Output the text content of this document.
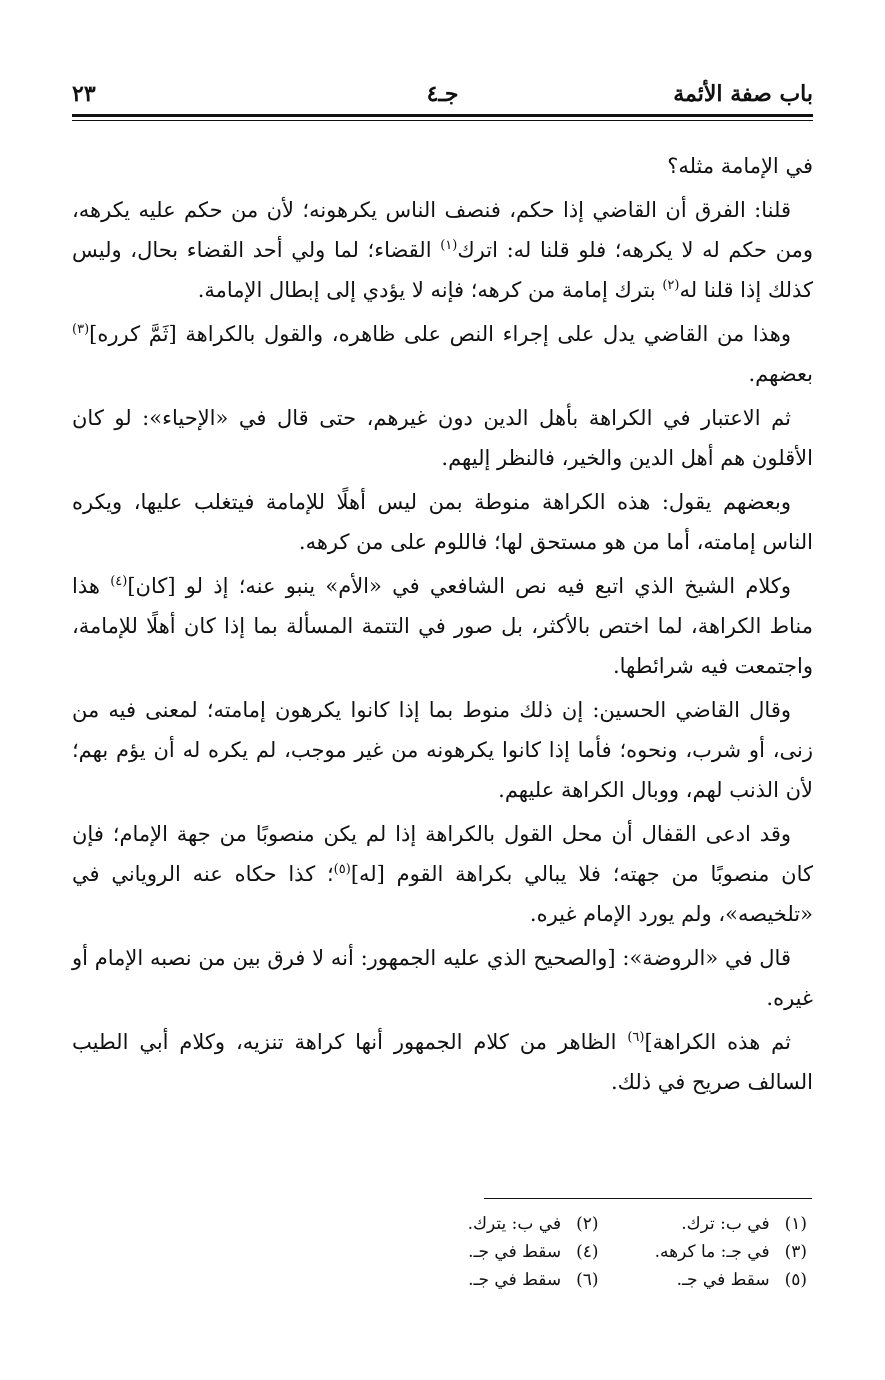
باب صفة الأئمة
جـ٤
٢٣

في الإمامة مثله؟

قلنا: الفرق أن القاضي إذا حكم، فنصف الناس يكرهونه؛ لأن من حكم عليه يكرهه، ومن حكم له لا يكرهه؛ فلو قلنا له: اترك$^{(١)}$ القضاء؛ لما ولي أحد القضاء بحال، وليس كذلك إذا قلنا له$^{(٢)}$ بترك إمامة من كرهه؛ فإنه لا يؤدي إلى إبطال الإمامة.

وهذا من القاضي يدل على إجراء النص على ظاهره، والقول بالكراهة [ثَمَّ كرره]$^{(٣)}$ بعضهم.

ثم الاعتبار في الكراهة بأهل الدين دون غيرهم، حتى قال في «الإحياء»: لو كان الأقلون هم أهل الدين والخير، فالنظر إليهم.

وبعضهم يقول: هذه الكراهة منوطة بمن ليس أهلًا للإمامة فيتغلب عليها، ويكره الناس إمامته، أما من هو مستحق لها؛ فاللوم على من كرهه.

وكلام الشيخ الذي اتبع فيه نص الشافعي في «الأم» ينبو عنه؛ إذ لو [كان]$^{(٤)}$ هذا مناط الكراهة، لما اختص بالأكثر، بل صور في التتمة المسألة بما إذا كان أهلًا للإمامة، واجتمعت فيه شرائطها.

وقال القاضي الحسين: إن ذلك منوط بما إذا كانوا يكرهون إمامته؛ لمعنى فيه من زنى، أو شرب، ونحوه؛ فأما إذا كانوا يكرهونه من غير موجب، لم يكره له أن يؤم بهم؛ لأن الذنب لهم، ووبال الكراهة عليهم.

وقد ادعى القفال أن محل القول بالكراهة إذا لم يكن منصوبًا من جهة الإمام؛ فإن كان منصوبًا من جهته؛ فلا يبالي بكراهة القوم [له]$^{(٥)}$؛ كذا حكاه عنه الروياني في «تلخيصه»، ولم يورد الإمام غيره.

قال في «الروضة»: [والصحيح الذي عليه الجمهور: أنه لا فرق بين من نصبه الإمام أو غيره.

ثم هذه الكراهة]$^{(٦)}$ الظاهر من كلام الجمهور أنها كراهة تنزيه، وكلام أبي الطيب السالف صريح في ذلك.

(١) في ب: ترك.
(٢) في ب: يترك.
(٣) في جـ: ما كرهه.
(٤) سقط في جـ.
(٥) سقط في جـ.
(٦) سقط في جـ.
